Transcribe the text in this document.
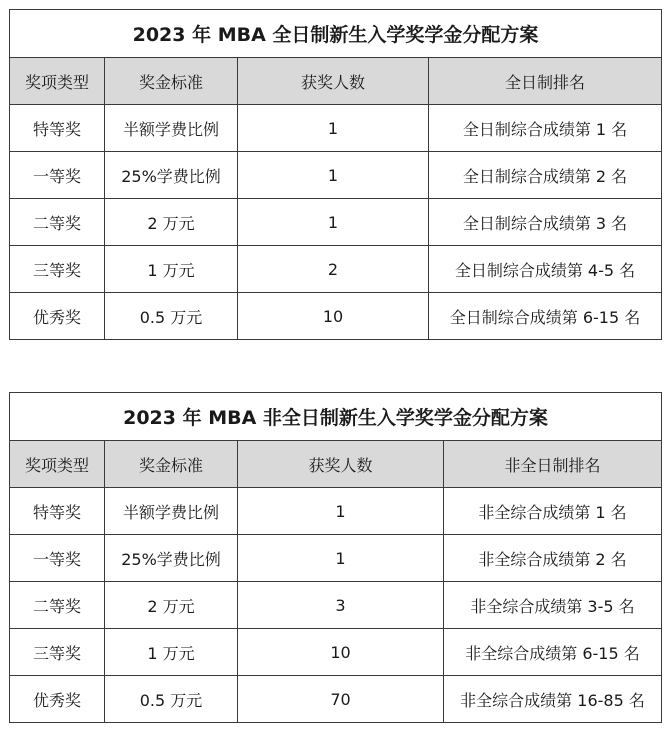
2023 年 MBA 全日制新生入学奖学金分配方案			
奖项类型	奖金标准	获奖人数	全日制排名
特等奖	半额学费比例	1	全日制综合成绩第 1 名
一等奖	25%学费比例	1	全日制综合成绩第 2 名
二等奖	2 万元	1	全日制综合成绩第 3 名
三等奖	1 万元	2	全日制综合成绩第 4-5 名
优秀奖	0.5 万元	10	全日制综合成绩第 6-15 名
2023 年 MBA 非全日制新生入学奖学金分配方案			
奖项类型	奖金标准	获奖人数	非全日制排名
特等奖	半额学费比例	1	非全综合成绩第 1 名
一等奖	25%学费比例	1	非全综合成绩第 2 名
二等奖	2 万元	3	非全综合成绩第 3-5 名
三等奖	1 万元	10	非全综合成绩第 6-15 名
优秀奖	0.5 万元	70	非全综合成绩第 16-85 名
